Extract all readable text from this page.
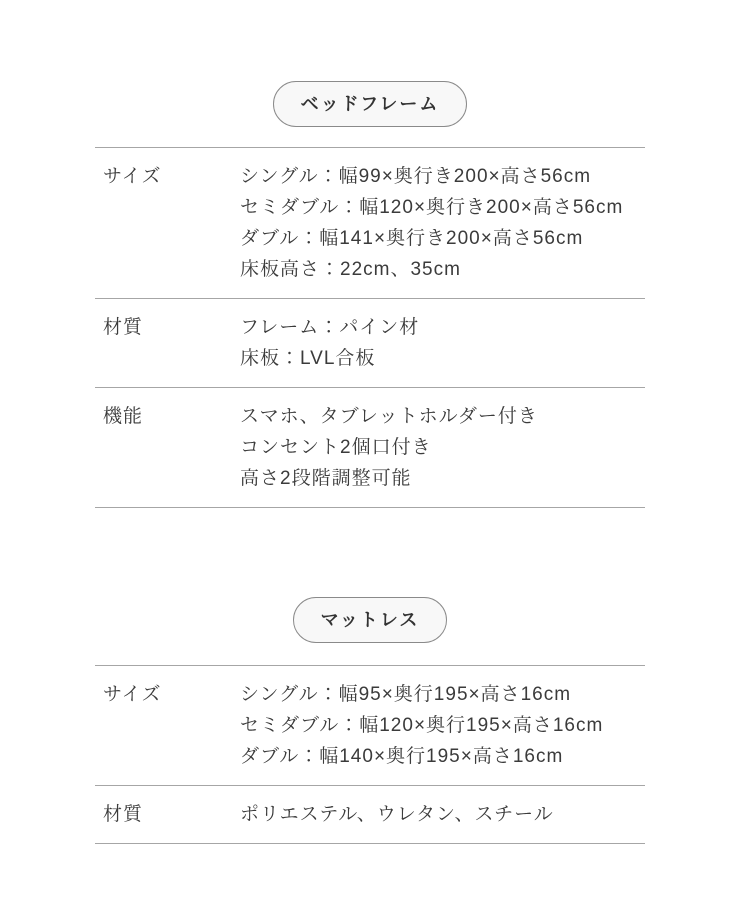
ベッドフレーム
サイズ	シングル：幅99×奥行き200×高さ56cm
セミダブル：幅120×奥行き200×高さ56cm
ダブル：幅141×奥行き200×高さ56cm
床板高さ：22cm、35cm
材質	フレーム：パイン材
床板：LVL合板
機能	スマホ、タブレットホルダー付き
コンセント2個口付き
高さ2段階調整可能
マットレス
サイズ	シングル：幅95×奥行195×高さ16cm
セミダブル：幅120×奥行195×高さ16cm
ダブル：幅140×奥行195×高さ16cm
材質	ポリエステル、ウレタン、スチール
